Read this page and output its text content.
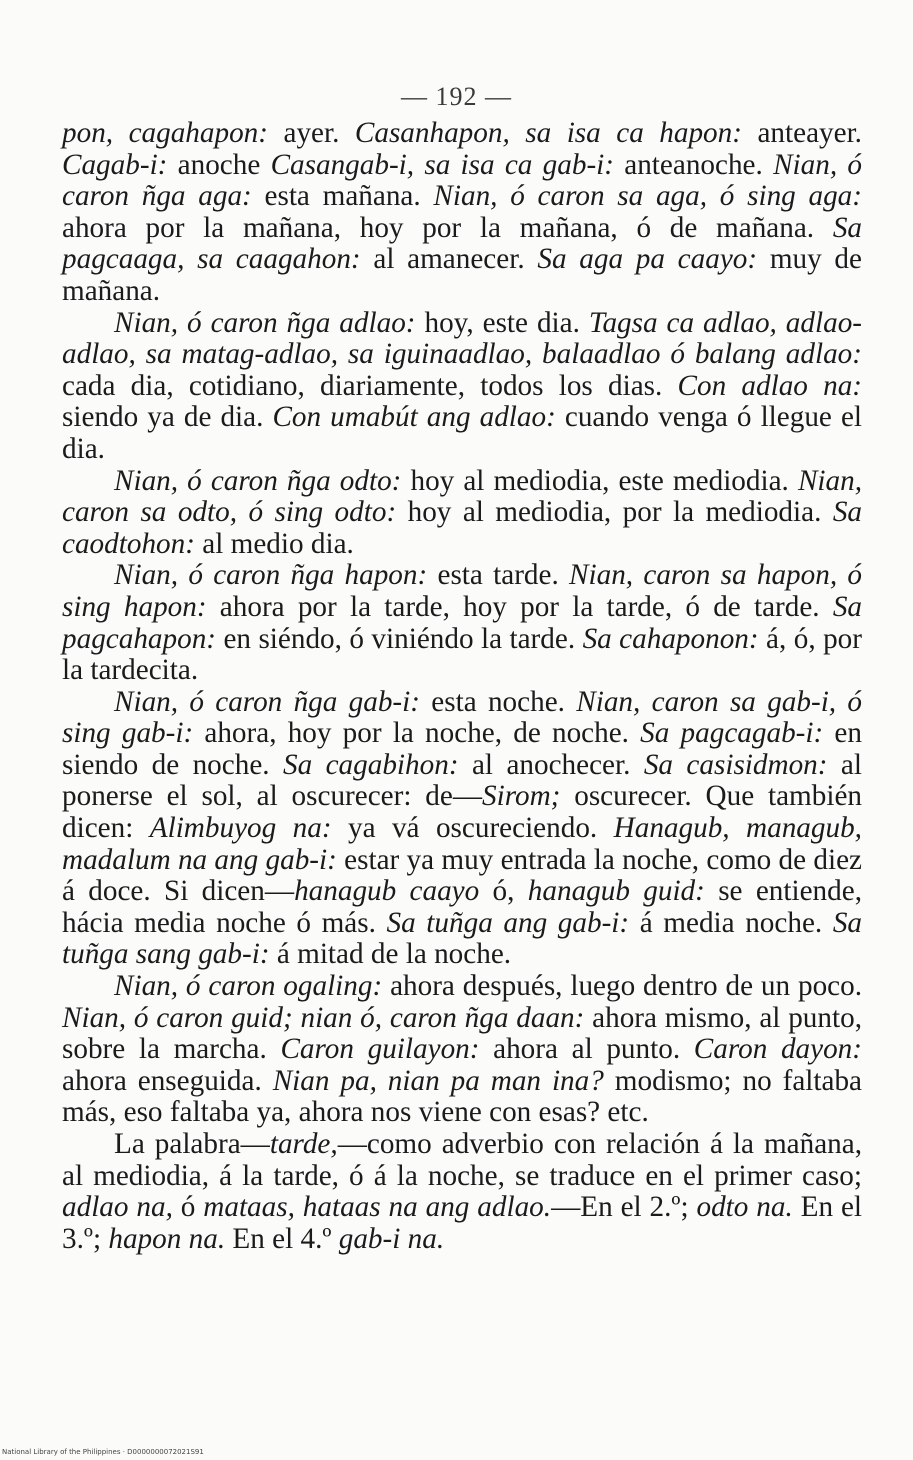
— 192 —

pon, cagahapon: ayer. Casanhapon, sa isa ca hapon: anteayer. Cagab-i: anoche Casangab-i, sa isa ca gab-i: anteanoche. Nian, ó caron ñga aga: esta mañana. Nian, ó caron sa aga, ó sing aga: ahora por la mañana, hoy por la mañana, ó de mañana. Sa pagcaaga, sa caagahon: al amanecer. Sa aga pa caayo: muy de mañana.

Nian, ó caron ñga adlao: hoy, este dia. Tagsa ca adlao, adlao-adlao, sa matag-adlao, sa iguinaadlao, balaadlao ó balang adlao: cada dia, cotidiano, diariamente, todos los dias. Con adlao na: siendo ya de dia. Con umabút ang adlao: cuando venga ó llegue el dia.

Nian, ó caron ñga odto: hoy al mediodia, este mediodia. Nian, caron sa odto, ó sing odto: hoy al mediodia, por la mediodia. Sa caodtohon: al medio dia.

Nian, ó caron ñga hapon: esta tarde. Nian, caron sa hapon, ó sing hapon: ahora por la tarde, hoy por la tarde, ó de tarde. Sa pagcahapon: en siéndo, ó viniéndo la tarde. Sa cahaponon: á, ó, por la tardecita.

Nian, ó caron ñga gab-i: esta noche. Nian, caron sa gab-i, ó sing gab-i: ahora, hoy por la noche, de noche. Sa pagcagab-i: en siendo de noche. Sa cagabihon: al anochecer. Sa casisidmon: al ponerse el sol, al oscurecer: de—Sirom; oscurecer. Que también dicen: Alimbuyog na: ya vá oscureciendo. Hanagub, managub, madalum na ang gab-i: estar ya muy entrada la noche, como de diez á doce. Si dicen—hanagub caayo ó, hanagub guid: se entiende, hácia media noche ó más. Sa tuñga ang gab-i: á media noche. Sa tuñga sang gab-i: á mitad de la noche.

Nian, ó caron ogaling: ahora después, luego dentro de un poco. Nian, ó caron guid; nian ó, caron ñga daan: ahora mismo, al punto, sobre la marcha. Caron guilayon: ahora al punto. Caron dayon: ahora enseguida. Nian pa, nian pa man ina? modismo; no faltaba más, eso faltaba ya, ahora nos viene con esas? etc.

La palabra—tarde,—como adverbio con relación á la mañana, al mediodia, á la tarde, ó á la noche, se traduce en el primer caso; adlao na, ó mataas, hataas na ang adlao.—En el 2.º; odto na. En el 3.º; hapon na. En el 4.º gab-i na.

National Library of the Philippines · D0000000072021S91
